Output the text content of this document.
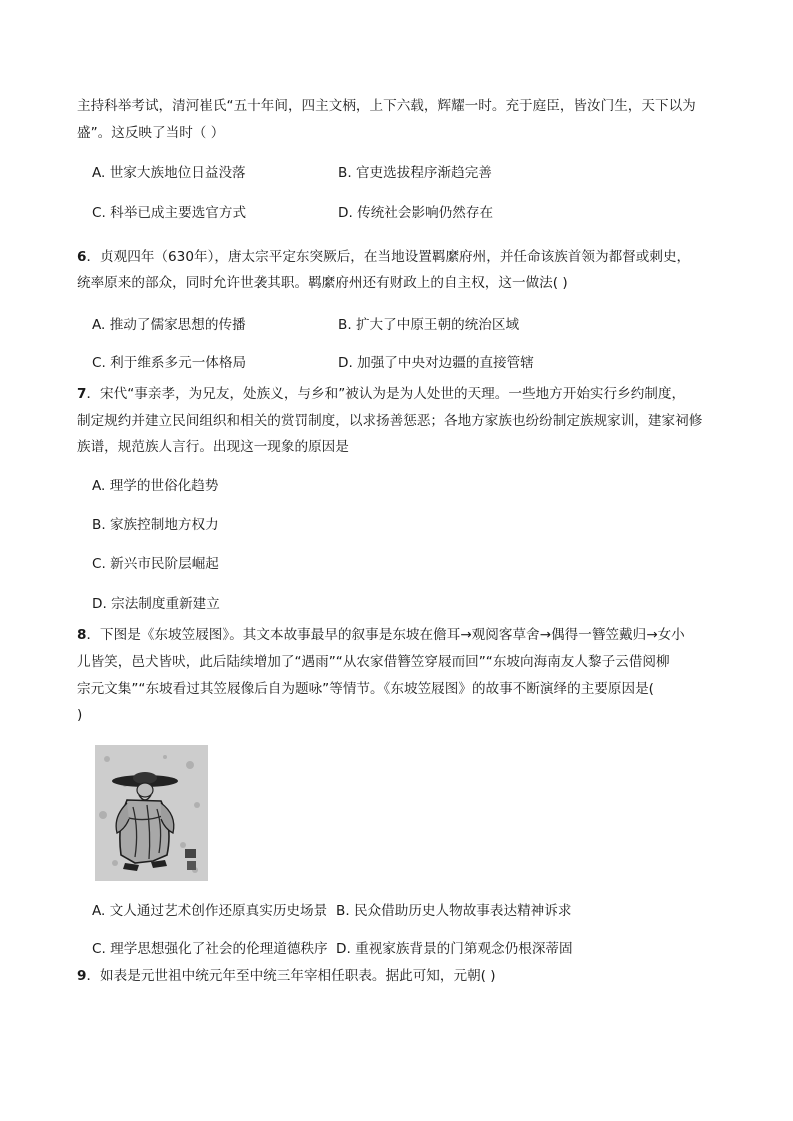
主持科举考试，清河崔氏“五十年间，四主文柄，上下六载，辉耀一时。充于庭臣，皆汝门生，天下以为
盛”。这反映了当时（ ）
A. 世家大族地位日益没落	B. 官吏选拔程序渐趋完善
C. 科举已成主要选官方式	D. 传统社会影响仍然存在
6．贞观四年（630年），唐太宗平定东突厥后，在当地设置羁縻府州，并任命该族首领为都督或刺史，
统率原来的部众，同时允许世袭其职。羁縻府州还有财政上的自主权，这一做法( )
A. 推动了儒家思想的传播	B. 扩大了中原王朝的统治区域
C. 利于维系多元一体格局	D. 加强了中央对边疆的直接管辖
7．宋代“事亲孝，为兄友，处族义，与乡和”被认为是为人处世的天理。一些地方开始实行乡约制度，
制定规约并建立民间组织和相关的赏罚制度，以求扬善惩恶；各地方家族也纷纷制定族规家训，建家祠修
族谱，规范族人言行。出现这一现象的原因是
A. 理学的世俗化趋势
B. 家族控制地方权力
C. 新兴市民阶层崛起
D. 宗法制度重新建立
8．下图是《东坡笠屐图》。其文本故事最早的叙事是东坡在儋耳→观阅客草舍→偶得一簪笠戴归→女小
儿皆笑，邑犬皆吠，此后陆续增加了“遇雨”“从农家借簪笠穿屐而回”“东坡向海南友人黎子云借阅柳
宗元文集”“东坡看过其笠屐像后自为题咏”等情节。《东坡笠屐图》的故事不断演绎的主要原因是(
)
A. 文人通过艺术创作还原真实历史场景 B. 民众借助历史人物故事表达精神诉求
C. 理学思想强化了社会的伦理道德秩序 D. 重视家族背景的门第观念仍根深蒂固
9．如表是元世祖中统元年至中统三年宰相任职表。据此可知，元朝( )
